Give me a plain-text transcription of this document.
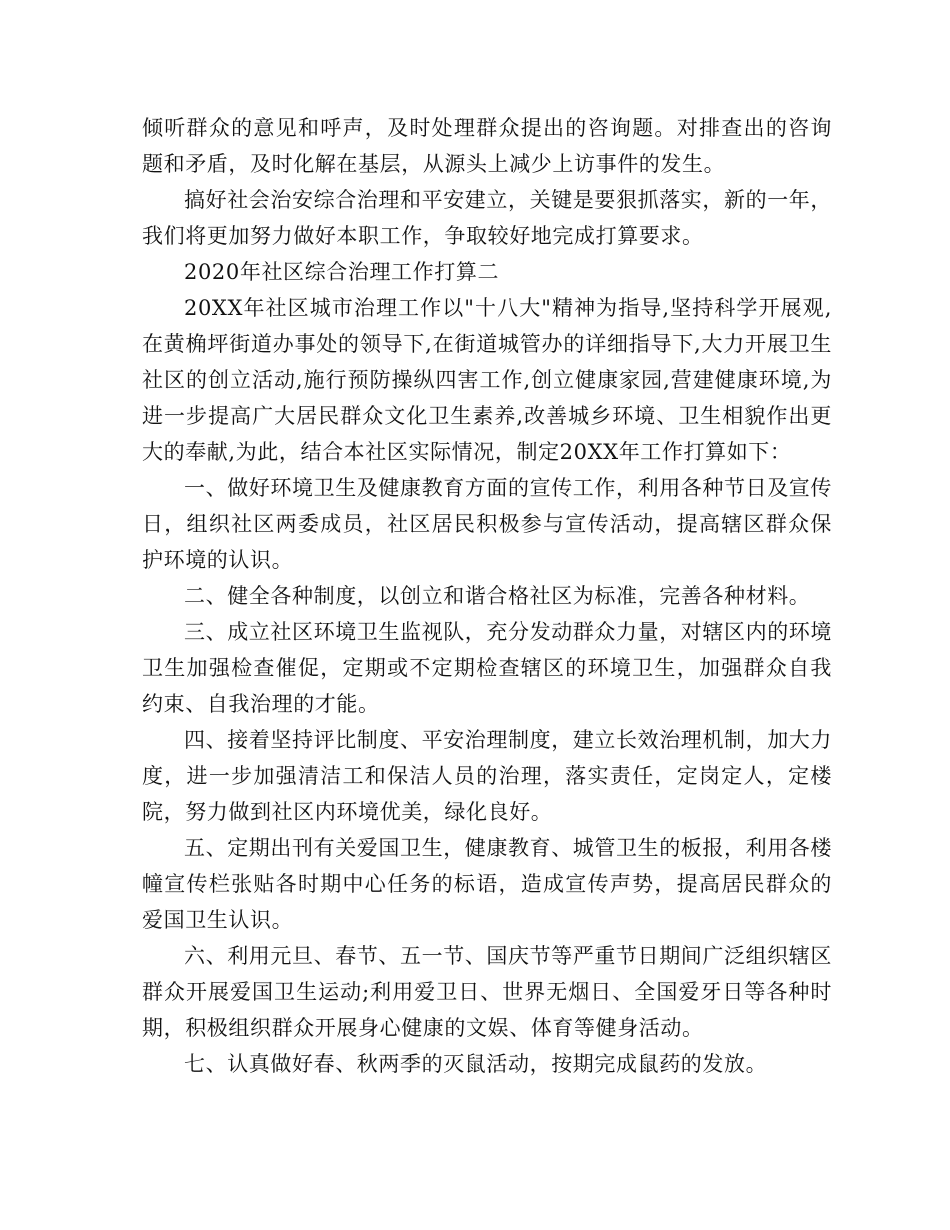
倾听群众的意见和呼声，及时处理群众提出的咨询题。对排查出的咨询题和矛盾，及时化解在基层，从源头上减少上访事件的发生。

搞好社会治安综合治理和平安建立，关键是要狠抓落实，新的一年，我们将更加努力做好本职工作，争取较好地完成打算要求。

2020年社区综合治理工作打算二

20XX年社区城市治理工作以"十八大"精神为指导,坚持科学开展观,在黄桷坪街道办事处的领导下,在街道城管办的详细指导下,大力开展卫生社区的创立活动,施行预防操纵四害工作,创立健康家园,营建健康环境,为进一步提高广大居民群众文化卫生素养,改善城乡环境、卫生相貌作出更大的奉献,为此，结合本社区实际情况，制定20XX年工作打算如下：

一、做好环境卫生及健康教育方面的宣传工作，利用各种节日及宣传日，组织社区两委成员，社区居民积极参与宣传活动，提高辖区群众保护环境的认识。

二、健全各种制度，以创立和谐合格社区为标准，完善各种材料。

三、成立社区环境卫生监视队，充分发动群众力量，对辖区内的环境卫生加强检查催促，定期或不定期检查辖区的环境卫生，加强群众自我约束、自我治理的才能。

四、接着坚持评比制度、平安治理制度，建立长效治理机制，加大力度，进一步加强清洁工和保洁人员的治理，落实责任，定岗定人，定楼院，努力做到社区内环境优美，绿化良好。

五、定期出刊有关爱国卫生，健康教育、城管卫生的板报，利用各楼幢宣传栏张贴各时期中心任务的标语，造成宣传声势，提高居民群众的爱国卫生认识。

六、利用元旦、春节、五一节、国庆节等严重节日期间广泛组织辖区群众开展爱国卫生运动;利用爱卫日、世界无烟日、全国爱牙日等各种时期，积极组织群众开展身心健康的文娱、体育等健身活动。

七、认真做好春、秋两季的灭鼠活动，按期完成鼠药的发放。
